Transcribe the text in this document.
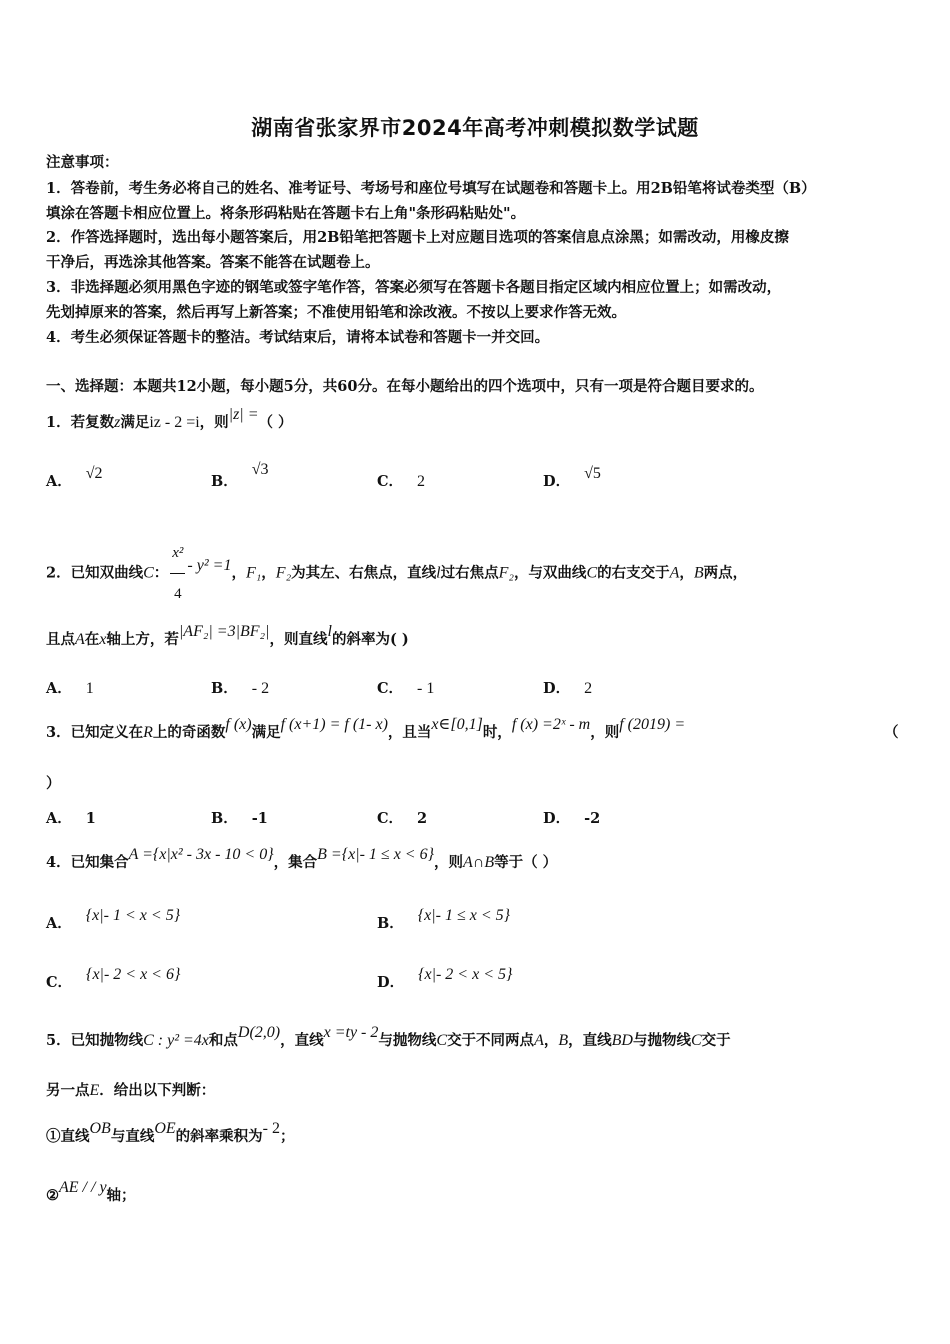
湖南省张家界市2024年高考冲刺模拟数学试题
注意事项：
1．答卷前，考生务必将自己的姓名、准考证号、考场号和座位号填写在试题卷和答题卡上。用2B铅笔将试卷类型（B）
填涂在答题卡相应位置上。将条形码粘贴在答题卡右上角"条形码粘贴处"。
2．作答选择题时，选出每小题答案后，用2B铅笔把答题卡上对应题目选项的答案信息点涂黑；如需改动，用橡皮擦
干净后，再选涂其他答案。答案不能答在试题卷上。
3．非选择题必须用黑色字迹的钢笔或签字笔作答，答案必须写在答题卡各题目指定区域内相应位置上；如需改动，
先划掉原来的答案，然后再写上新答案；不准使用铅笔和涂改液。不按以上要求作答无效。
4．考生必须保证答题卡的整洁。考试结束后，请将本试卷和答题卡一并交回。
一、选择题：本题共12小题，每小题5分，共60分。在每小题给出的四个选项中，只有一项是符合题目要求的。
1．若复数z满足iz - 2 =i，则|z| =（ ）
A． √2	B．√3
C． 2	D． √5
2．已知双曲线C： $\frac{\text{x²}}{4} - y^2 =1$，F₁，F₂为其左、右焦点，直线l过右焦点F₂，与双曲线C的右支交于A，B两点，
且点A在x轴上方，若|AF₂| =3|BF₂|，则直线l的斜率为( )
A． 1	B． - 2	C． - 1	D． 2
3．已知定义在R上的奇函数f (x)满足f (x+1) = f (1- x)，且当x∈[0,1]时，f (x) =2ˣ - m，则f (2019) =	（
）
A． 1	B． -1	C． 2	D． -2
4．已知集合A ={x|x² - 3x - 10 < 0}，集合B ={x|- 1 ≤ x < 6}，则A∩B等于（ ）
A． {x|- 1 < x < 5}	B． {x|- 1 ≤ x < 5}
C． {x|- 2 < x < 6}	D． {x|- 2 < x < 5}
5．已知抛物线C : y² =4x和点D(2,0)，直线x =ty - 2与抛物线C交于不同两点A，B，直线BD与抛物线C交于
另一点E．给出以下判断：
①直线OB与直线OE的斜率乘积为- 2；
②AE / / y轴；
